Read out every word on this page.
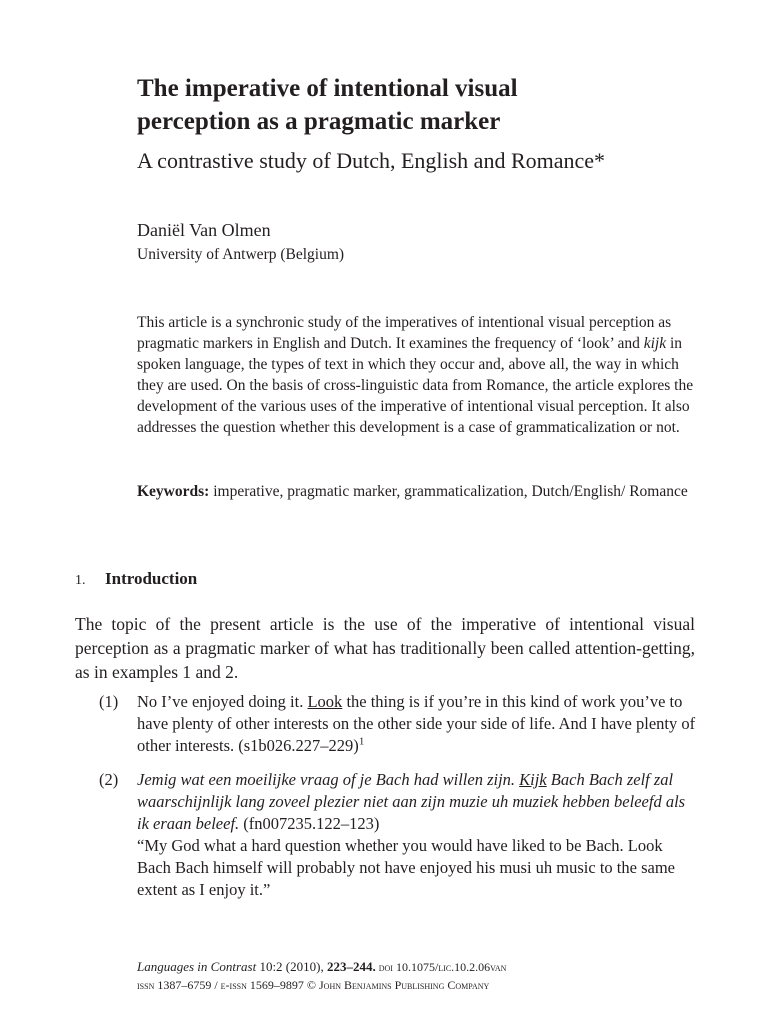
The imperative of intentional visual
perception as a pragmatic marker
A contrastive study of Dutch, English and Romance*
Daniël Van Olmen
University of Antwerp (Belgium)
This article is a synchronic study of the imperatives of intentional visual perception as pragmatic markers in English and Dutch. It examines the frequency of ‘look’ and kijk in spoken language, the types of text in which they occur and, above all, the way in which they are used. On the basis of cross-linguistic data from Romance, the article explores the development of the various uses of the imperative of intentional visual perception. It also addresses the question whether this development is a case of grammaticalization or not.
Keywords: imperative, pragmatic marker, grammaticalization, Dutch/English/ Romance
1. Introduction
The topic of the present article is the use of the imperative of intentional visual perception as a pragmatic marker of what has traditionally been called attention-getting, as in examples 1 and 2.
(1) No I’ve enjoyed doing it. Look the thing is if you’re in this kind of work you’ve to have plenty of other interests on the other side your side of life. And I have plenty of other interests. $(s1b026.227-229)^1$
(2) Jemig wat een moeilijke vraag of je Bach had willen zijn. Kijk Bach Bach zelf zal waarschijnlijk lang zoveel plezier niet aan zijn muzie uh muziek hebben beleefd als ik eraan beleef. (fn007235.122–123)
“My God what a hard question whether you would have liked to be Bach. Look Bach Bach himself will probably not have enjoyed his musi uh music to the same extent as I enjoy it.”
Languages in Contrast 10:2 (2010), 223–244. doi 10.1075/lic.10.2.06van
issn 1387–6759 / e-issn 1569–9897 © John Benjamins Publishing Company
